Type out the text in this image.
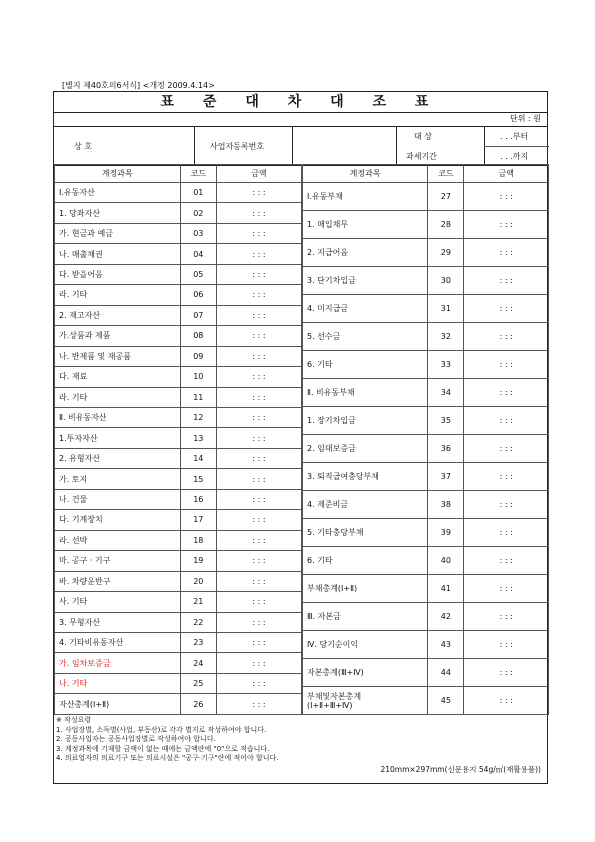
[별지 제40호의6서식] <개정 2009.4.14>
표 준 대 차 대 조 표
단위 : 원
상 호	사업자등록번호
대 상
과세기간
. . .부터
. . .까지
계정과목	코드	금액
Ⅰ.유동자산	01	: : :
1. 당좌자산	02	: : :
가. 현금과 예금	03	: : :
나. 매출채권	04	: : :
다. 받을어음	05	: : :
라. 기타	06	: : :
2. 재고자산	07	: : :
가.상품과 제품	08	: : :
나. 반제품 및 재공품	09	: : :
다. 재료	10	: : :
라. 기타	11	: : :
Ⅱ. 비유동자산	12	: : :
1.투자자산	13	: : :
2. 유형자산	14	: : :
가. 토지	15	: : :
나. 건물	16	: : :
다. 기계장치	17	: : :
라. 선박	18	: : :
마. 공구 · 기구	19	: : :
바. 차량운반구	20	: : :
사. 기타	21	: : :
3. 무형자산	22	: : :
4. 기타비유동자산	23	: : :
가. 임차보증금	24	: : :
나. 기타	25	: : :
자산총계(Ⅰ+Ⅱ)	26	: : :
계정과목	코드	금액
Ⅰ.유동부채	27	: : :
1. 매입채무	28	: : :
2. 지급어음	29	: : :
3. 단기차입금	30	: : :
4. 미지급금	31	: : :
5. 선수금	32	: : :
6. 기타	33	: : :
Ⅱ. 비유동부채	34	: : :
1. 장기차입금	35	: : :
2. 임대보증금	36	: : :
3. 퇴직급여충당부채	37	: : :
4. 제준비금	38	: : :
5. 기타충당부채	39	: : :
6. 기타	40	: : :
부채총계(Ⅰ+Ⅱ)	41	: : :
Ⅲ. 자본금	42	: : :
Ⅳ. 당기순이익	43	: : :
자본총계(Ⅲ+Ⅳ)	44	: : :
부채및자본총계
(Ⅰ+Ⅱ+Ⅲ+Ⅳ)	45	: : :
※ 작성요령
1. 사업장별, 소득별(사업, 부동산)로 각각 별지로 작성하여야 합니다.
2. 공동사업자는 공동사업장별로 작성하여야 합니다.
3. 계정과목에 기재할 금액이 없는 때에는 금액란에 "0"으로 적습니다.
4. 의료업자의 의료기구 또는 의료시설은 "공구·기구"란에 적어야 합니다.
210mm×297mm(신문용지 54g/㎡(재활용품))
